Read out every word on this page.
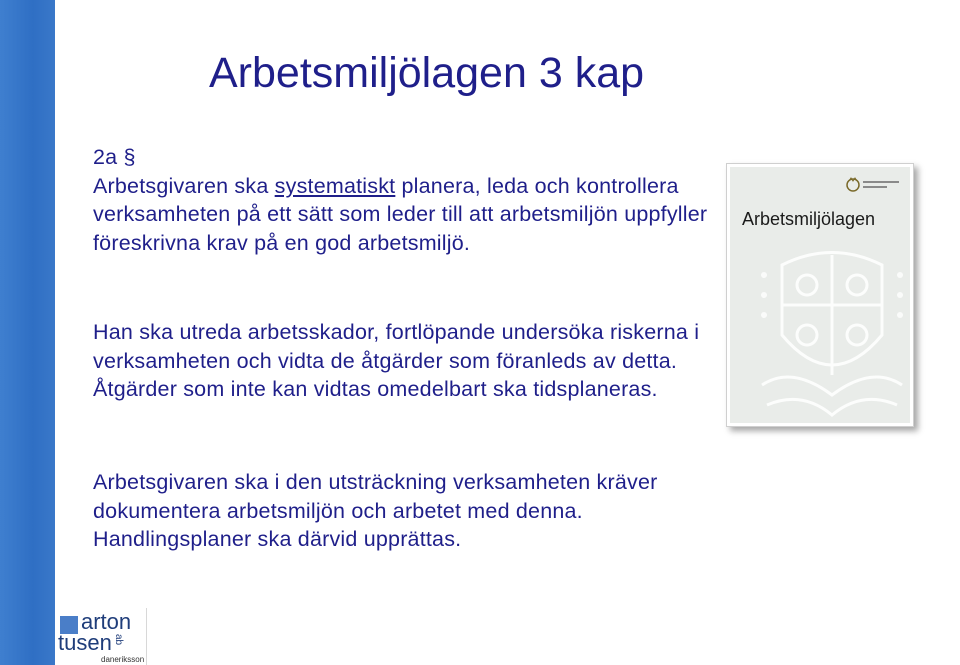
Arbetsmiljölagen 3 kap

2a §
Arbetsgivaren ska systematiskt planera, leda och kontrollera verksamheten på ett sätt som leder till att arbetsmiljön uppfyller föreskrivna krav på en god arbetsmiljö.

Han ska utreda arbetsskador, fortlöpande undersöka riskerna i verksamheten och vidta de åtgärder som föranleds av detta. Åtgärder som inte kan vidtas omedelbart ska tidsplaneras.

Arbetsgivaren ska i den utsträckning verksamheten kräver dokumentera arbetsmiljön och arbetet med denna. Handlingsplaner ska därvid upprättas.

Arbetsmiljölagen
arton
tusen ab
daneriksson
